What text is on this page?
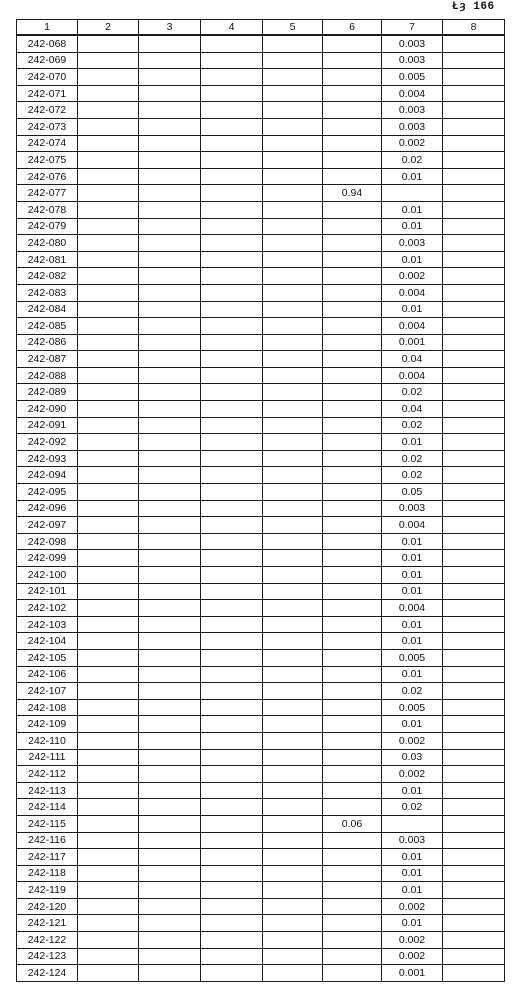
Łȝ 166
1	2	3	4	5	6	7	8
242-068						0.003	
242-069						0.003	
242-070						0.005	
242-071						0.004	
242-072						0.003	
242-073						0.003	
242-074						0.002	
242-075						0.02	
242-076						0.01	
242-077					0.94		
242-078						0.01	
242-079						0.01	
242-080						0.003	
242-081						0.01	
242-082						0.002	
242-083						0.004	
242-084						0.01	
242-085						0.004	
242-086						0.001	
242-087						0.04	
242-088						0.004	
242-089						0.02	
242-090						0.04	
242-091						0.02	
242-092						0.01	
242-093						0.02	
242-094						0.02	
242-095						0.05	
242-096						0.003	
242-097						0.004	
242-098						0.01	
242-099						0.01	
242-100						0.01	
242-101						0.01	
242-102						0.004	
242-103						0.01	
242-104						0.01	
242-105						0.005	
242-106						0.01	
242-107						0.02	
242-108						0.005	
242-109						0.01	
242-110						0.002	
242-111						0.03	
242-112						0.002	
242-113						0.01	
242-114						0.02	
242-115					0.06		
242-116						0.003	
242-117						0.01	
242-118						0.01	
242-119						0.01	
242-120						0.002	
242-121						0.01	
242-122						0.002	
242-123						0.002	
242-124						0.001	
